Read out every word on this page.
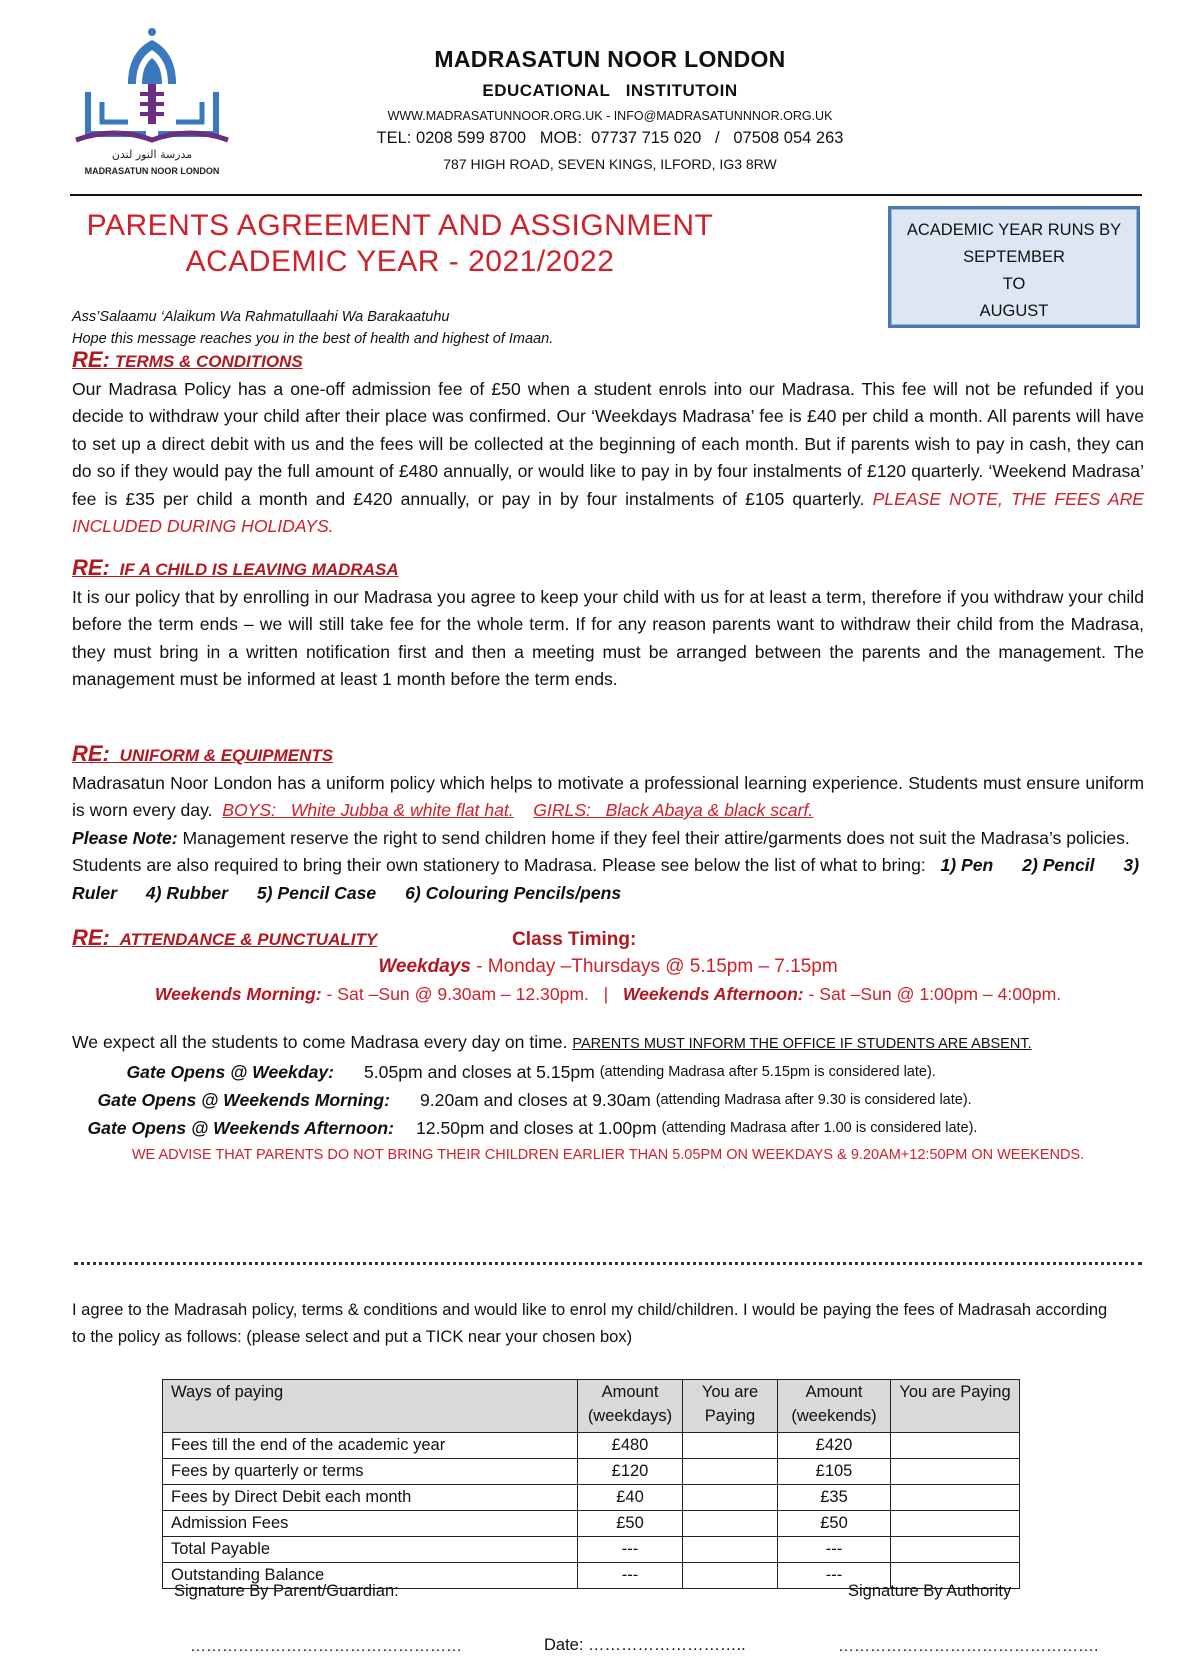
مدرسة النور لندن
MADRASATUN NOOR LONDON
MADRASATUN NOOR LONDON
EDUCATIONAL   INSTITUTOIN
WWW.MADRASATUNNOOR.ORG.UK - INFO@MADRASATUNNNOR.ORG.UK
TEL: 0208 599 8700   MOB:  07737 715 020   /   07508 054 263
787 HIGH ROAD, SEVEN KINGS, ILFORD, IG3 8RW
PARENTS AGREEMENT AND ASSIGNMENT
ACADEMIC YEAR - 2021/2022
ACADEMIC YEAR RUNS BY
SEPTEMBER
TO
AUGUST
Ass’Salaamu ‘Alaikum Wa Rahmatullaahi Wa Barakaatuhu
Hope this message reaches you in the best of health and highest of Imaan.
RE: TERMS & CONDITIONS

Our Madrasa Policy has a one-off admission fee of £50 when a student enrols into our Madrasa. This fee will not be refunded if you decide to withdraw your child after their place was confirmed. Our ‘Weekdays Madrasa’ fee is £40 per child a month. All parents will have to set up a direct debit with us and the fees will be collected at the beginning of each month. But if parents wish to pay in cash, they can do so if they would pay the full amount of £480 annually, or would like to pay in by four instalments of £120 quarterly. ‘Weekend Madrasa’ fee is £35 per child a month and £420 annually, or pay in by four instalments of £105 quarterly. PLEASE NOTE, THE FEES ARE INCLUDED DURING HOLIDAYS.

RE: IF A CHILD IS LEAVING MADRASA

It is our policy that by enrolling in our Madrasa you agree to keep your child with us for at least a term, therefore if you withdraw your child before the term ends – we will still take fee for the whole term. If for any reason parents want to withdraw their child from the Madrasa, they must bring in a written notification first and then a meeting must be arranged between the parents and the management. The management must be informed at least 1 month before the term ends.

RE: UNIFORM & EQUIPMENTS

Madrasatun Noor London has a uniform policy which helps to motivate a professional learning experience. Students must ensure uniform is worn every day. BOYS:   White Jubba & white flat hat. GIRLS:   Black Abaya & black scarf.

Please Note: Management reserve the right to send children home if they feel their attire/garments does not suit the Madrasa’s policies. Students are also required to bring their own stationery to Madrasa. Please see below the list of what to bring: 1) Pen 2) Pencil 3) Ruler 4) Rubber 5) Pencil Case 6) Colouring Pencils/pens

RE: ATTENDANCE & PUNCTUALITY	Class Timing:
Weekdays - Monday –Thursdays @ 5.15pm – 7.15pm
Weekends Morning: - Sat –Sun @ 9.30am – 12.30pm.   |   Weekends Afternoon: - Sat –Sun @ 1:00pm – 4:00pm.
We expect all the students to come Madrasa every day on time. PARENTS MUST INFORM THE OFFICE IF STUDENTS ARE ABSENT.
Gate Opens @ Weekday: 5.05pm and closes at 5.15pm
(attending Madrasa after 5.15pm is considered late).
Gate Opens @ Weekends Morning: 9.20am and closes at 9.30am
(attending Madrasa after 9.30 is considered late).
Gate Opens @ Weekends Afternoon: 12.50pm and closes at 1.00pm
(attending Madrasa after 1.00 is considered late).
WE ADVISE THAT PARENTS DO NOT BRING THEIR CHILDREN EARLIER THAN 5.05PM ON WEEKDAYS & 9.20AM+12:50PM ON WEEKENDS.
I agree to the Madrasah policy, terms & conditions and would like to enrol my child/children. I would be paying the fees of Madrasah according to the policy as follows: (please select and put a TICK near your chosen box)
Ways of paying	Amount (weekdays)	You are Paying	Amount (weekends)	You are Paying
Fees till the end of the academic year	£480		£420	
Fees by quarterly or terms	£120		£105	
Fees by Direct Debit each month	£40		£35	
Admission Fees	£50		£50	
Total Payable	---		---	
Outstanding Balance	---		---	
Signature By Parent/Guardian:	Signature By Authority
……………………………………………	Date: ………………………..	………………………………………….
